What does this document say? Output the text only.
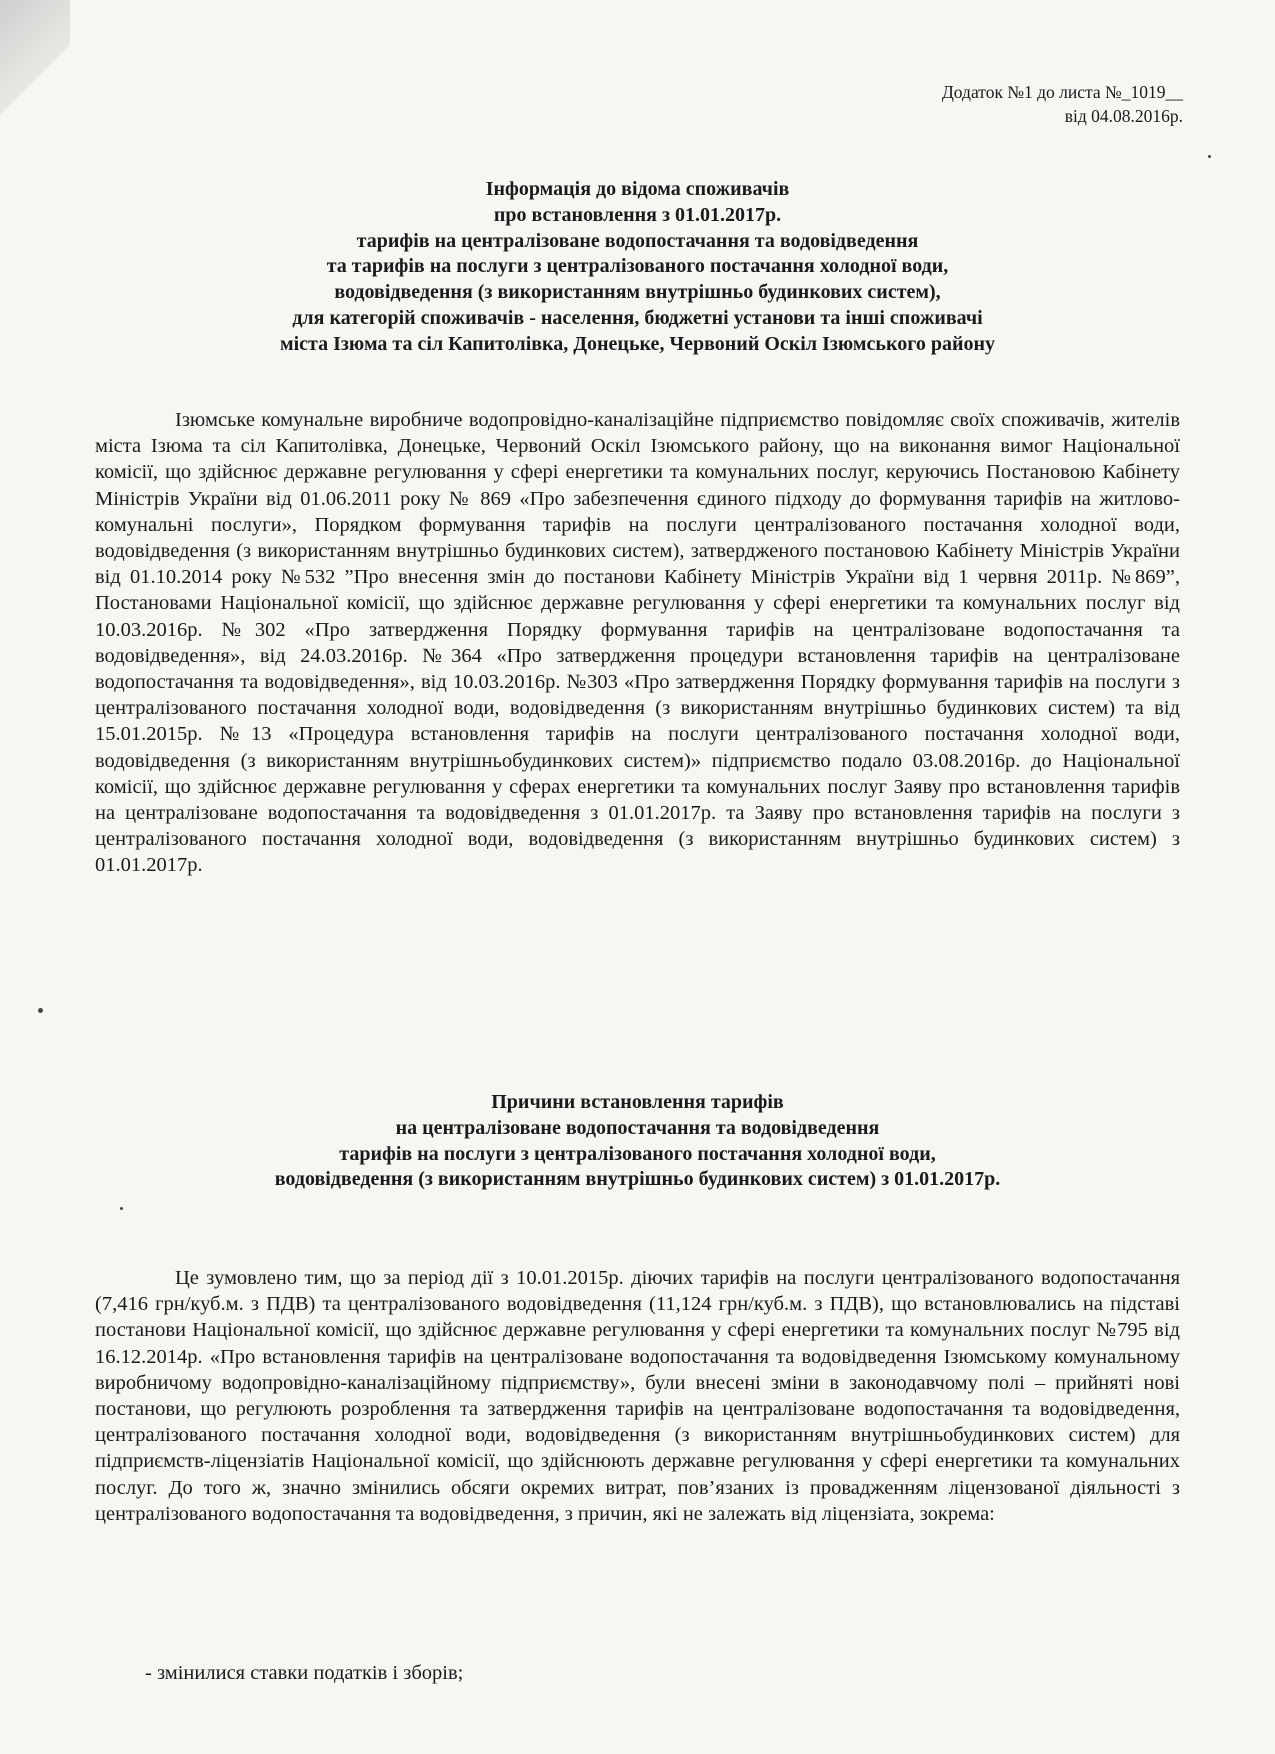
Додаток №1 до листа №_1019__
від 04.08.2016р.
Інформація до відома споживачів
про встановлення з 01.01.2017р.
тарифів на централізоване водопостачання та водовідведення
та тарифів на послуги з централізованого постачання холодної води,
водовідведення (з використанням внутрішньо будинкових систем),
для категорій споживачів - населення, бюджетні установи та інші споживачі
міста Ізюма та сіл Капитолівка, Донецьке, Червоний Оскіл Ізюмського району
Ізюмське комунальне виробниче водопровідно-каналізаційне підприємство повідомляє своїх споживачів, жителів міста Ізюма та сіл Капитолівка, Донецьке, Червоний Оскіл Ізюмського району, що на виконання вимог Національної комісії, що здійснює державне регулювання у сфері енергетики та комунальних послуг, керуючись Постановою Кабінету Міністрів України від 01.06.2011 року № 869 «Про забезпечення єдиного підходу до формування тарифів на житлово-комунальні послуги», Порядком формування тарифів на послуги централізованого постачання холодної води, водовідведення (з використанням внутрішньо будинкових систем), затвердженого постановою Кабінету Міністрів України від 01.10.2014 року №532 ”Про внесення змін до постанови Кабінету Міністрів України від 1 червня 2011р. №869”, Постановами Національної комісії, що здійснює державне регулювання у сфері енергетики та комунальних послуг від 10.03.2016р. №302 «Про затвердження Порядку формування тарифів на централізоване водопостачання та водовідведення», від 24.03.2016р. №364 «Про затвердження процедури встановлення тарифів на централізоване водопостачання та водовідведення», від 10.03.2016р. №303 «Про затвердження Порядку формування тарифів на послуги з централізованого постачання холодної води, водовідведення (з використанням внутрішньо будинкових систем) та від 15.01.2015р. №13 «Процедура встановлення тарифів на послуги централізованого постачання холодної води, водовідведення (з використанням внутрішньобудинкових систем)» підприємство подало 03.08.2016р. до Національної комісії, що здійснює державне регулювання у сферах енергетики та комунальних послуг Заяву про встановлення тарифів на централізоване водопостачання та водовідведення з 01.01.2017р. та Заяву про встановлення тарифів на послуги з централізованого постачання холодної води, водовідведення (з використанням внутрішньо будинкових систем) з 01.01.2017р.
Причини встановлення тарифів
на централізоване водопостачання та водовідведення
тарифів на послуги з централізованого постачання холодної води,
водовідведення (з використанням внутрішньо будинкових систем) з 01.01.2017р.
Це зумовлено тим, що за період дії з 10.01.2015р. діючих тарифів на послуги централізованого водопостачання (7,416 грн/куб.м. з ПДВ) та централізованого водовідведення (11,124 грн/куб.м. з ПДВ), що встановлювались на підставі постанови Національної комісії, що здійснює державне регулювання у сфері енергетики та комунальних послуг №795 від 16.12.2014р. «Про встановлення тарифів на централізоване водопостачання та водовідведення Ізюмському комунальному виробничому водопровідно-каналізаційному підприємству», були внесені зміни в законодавчому полі – прийняті нові постанови, що регулюють розроблення та затвердження тарифів на централізоване водопостачання та водовідведення, централізованого постачання холодної води, водовідведення (з використанням внутрішньобудинкових систем) для підприємств-ліцензіатів Національної комісії, що здійснюють державне регулювання у сфері енергетики та комунальних послуг. До того ж, значно змінились обсяги окремих витрат, пов’язаних із провадженням ліцензованої діяльності з централізованого водопостачання та водовідведення, з причин, які не залежать від ліцензіата, зокрема:
- змінилися ставки податків і зборів;
